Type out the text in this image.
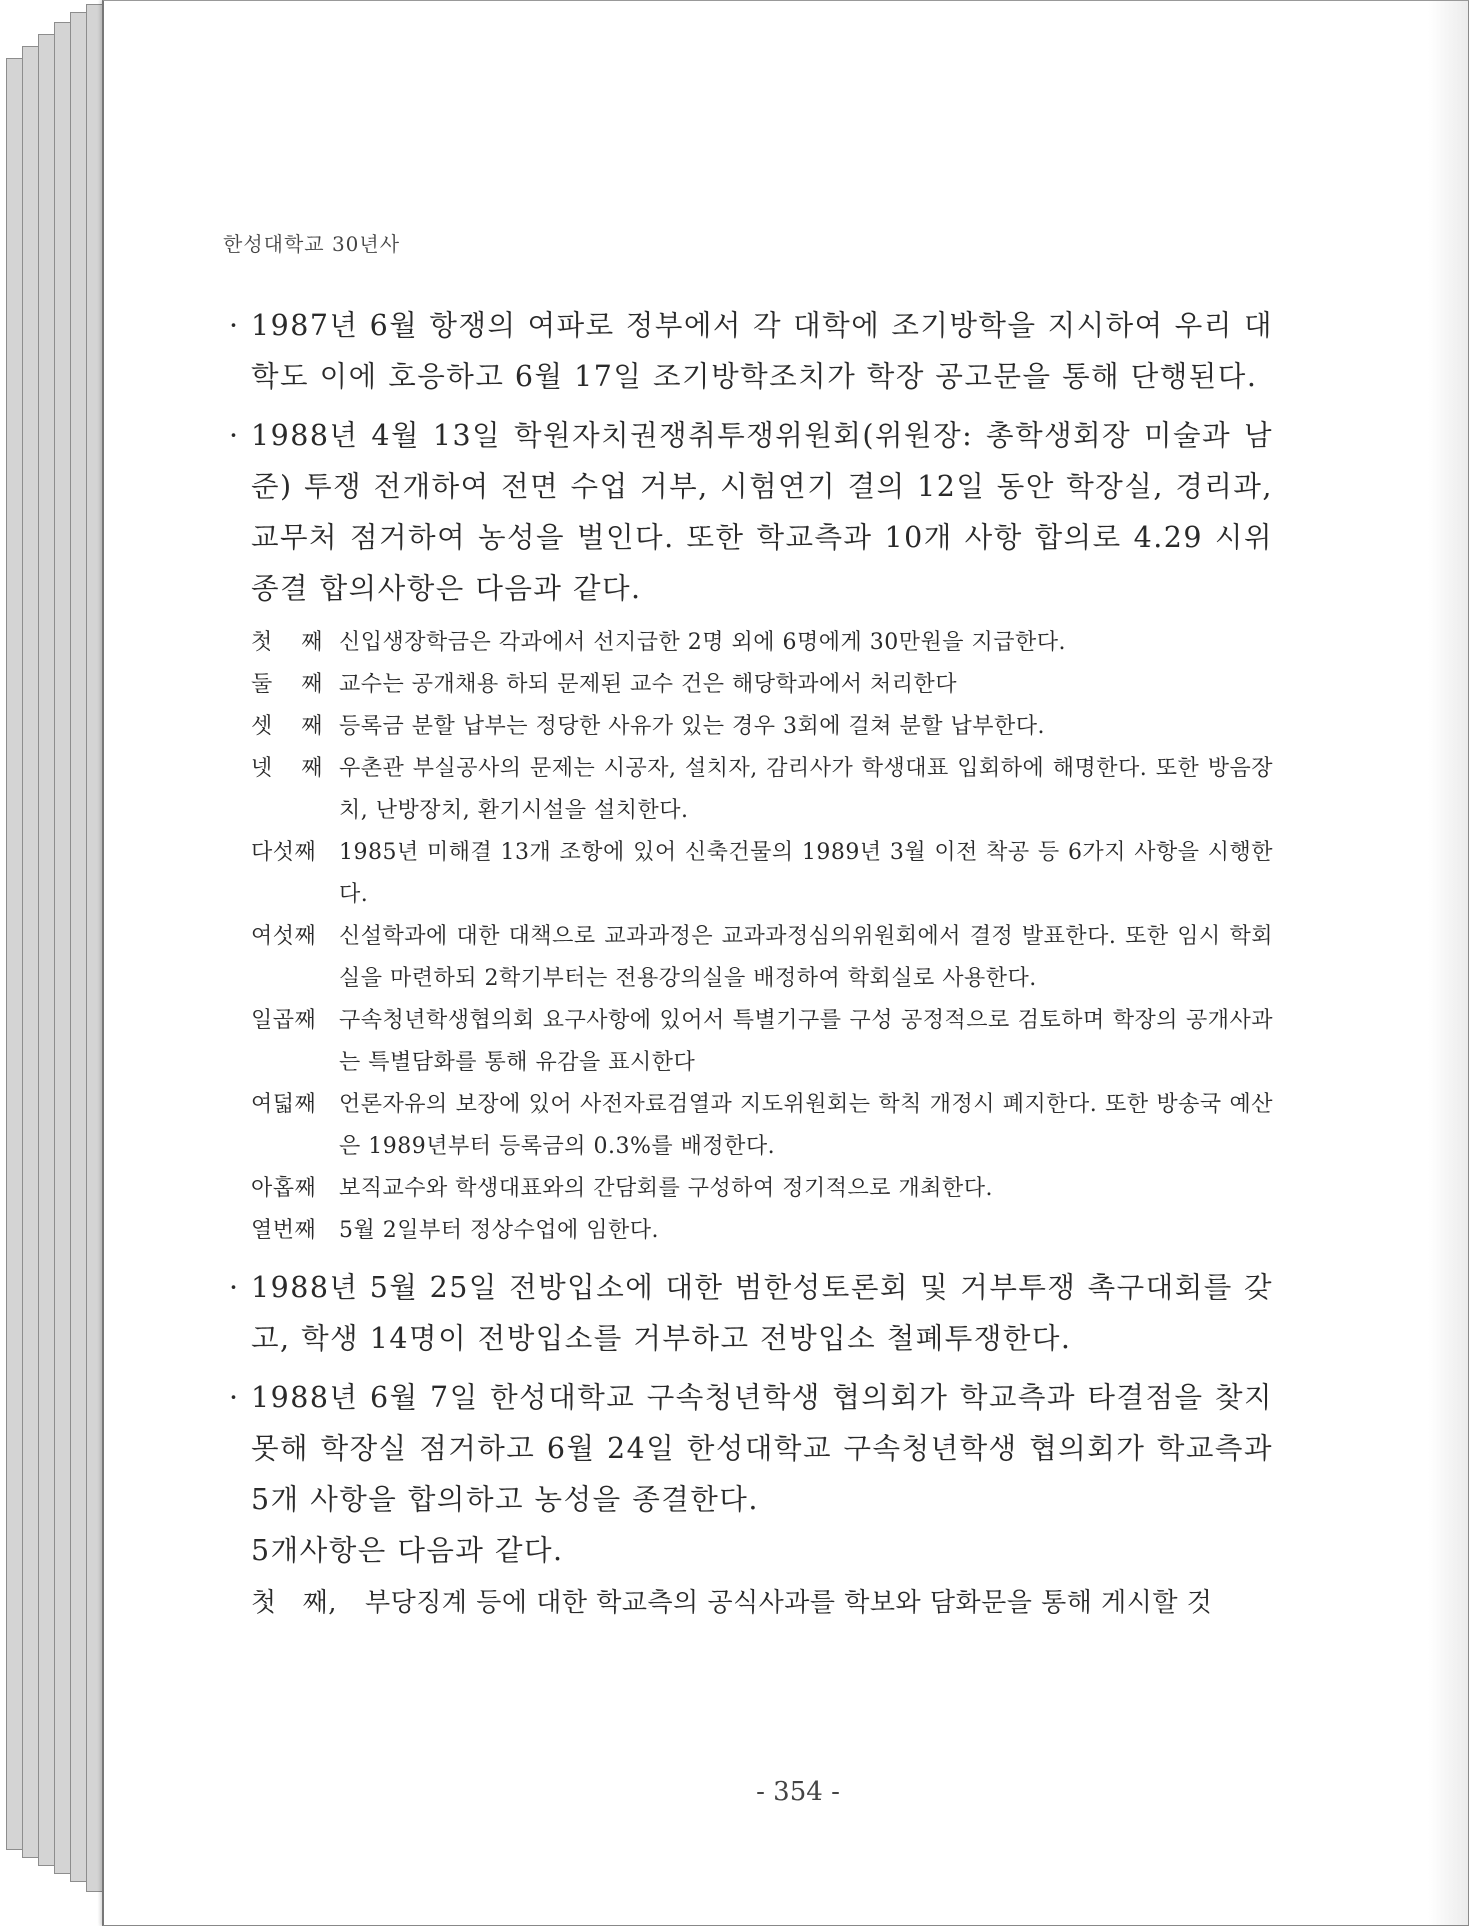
한성대학교 30년사
· 1987년 6월 항쟁의 여파로 정부에서 각 대학에 조기방학을 지시하여 우리 대학도 이에 호응하고 6월 17일 조기방학조치가 학장 공고문을 통해 단행된다.
· 1988년 4월 13일 학원자치권쟁취투쟁위원회(위원장: 총학생회장 미술과 남준) 투쟁 전개하여 전면 수업 거부, 시험연기 결의 12일 동안 학장실, 경리과, 교무처 점거하여 농성을 벌인다. 또한 학교측과 10개 사항 합의로 4.29 시위 종결 합의사항은 다음과 같다.
첫 째 신입생장학금은 각과에서 선지급한 2명 외에 6명에게 30만원을 지급한다.
둘 째 교수는 공개채용 하되 문제된 교수 건은 해당학과에서 처리한다
셋 째 등록금 분할 납부는 정당한 사유가 있는 경우 3회에 걸쳐 분할 납부한다.
넷 째 우촌관 부실공사의 문제는 시공자, 설치자, 감리사가 학생대표 입회하에 해명한다. 또한 방음장치, 난방장치, 환기시설을 설치한다.
다섯째	1985년 미해결 13개 조항에 있어 신축건물의 1989년 3월 이전 착공 등 6가지 사항을 시행한다.
여섯째	신설학과에 대한 대책으로 교과과정은 교과과정심의위원회에서 결정 발표한다. 또한 임시 학회실을 마련하되 2학기부터는 전용강의실을 배정하여 학회실로 사용한다.
일곱째	구속청년학생협의회 요구사항에 있어서 특별기구를 구성 공정적으로 검토하며 학장의 공개사과는 특별담화를 통해 유감을 표시한다
여덟째	언론자유의 보장에 있어 사전자료검열과 지도위원회는 학칙 개정시 폐지한다. 또한 방송국 예산은 1989년부터 등록금의 0.3%를 배정한다.
아홉째	보직교수와 학생대표와의 간담회를 구성하여 정기적으로 개최한다.
열번째	5월 2일부터 정상수업에 임한다.
· 1988년 5월 25일 전방입소에 대한 범한성토론회 및 거부투쟁 촉구대회를 갖고, 학생 14명이 전방입소를 거부하고 전방입소 철폐투쟁한다.
· 1988년 6월 7일 한성대학교 구속청년학생 협의회가 학교측과 타결점을 찾지 못해 학장실 점거하고 6월 24일 한성대학교 구속청년학생 협의회가 학교측과 5개 사항을 합의하고 농성을 종결한다.
5개사항은 다음과 같다.
첫 째,	부당징계 등에 대한 학교측의 공식사과를 학보와 담화문을 통해 게시할 것
- 354 -
